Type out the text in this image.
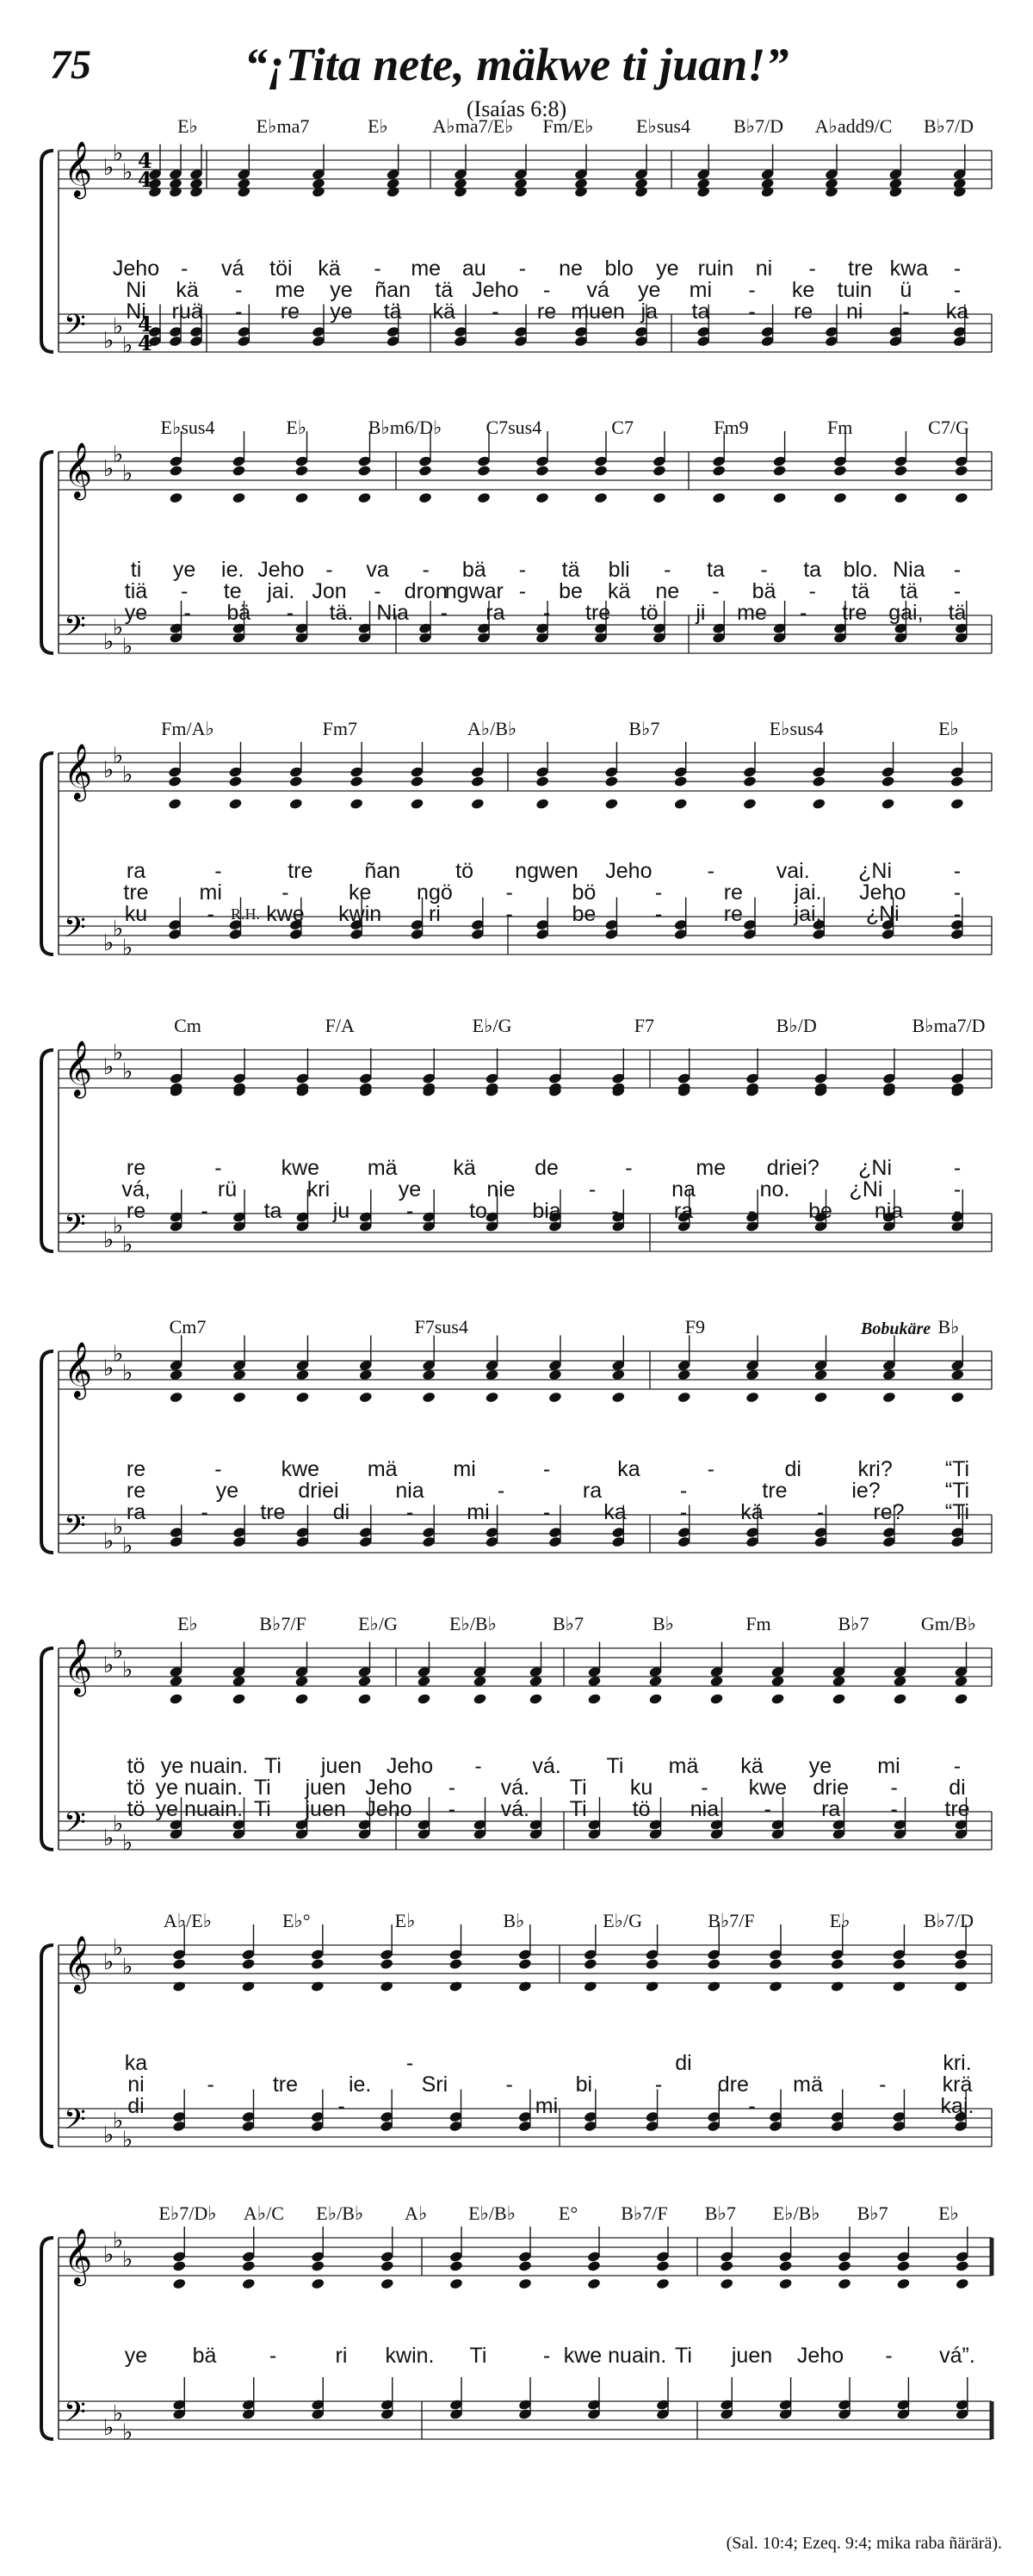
75	“¡Tita nete, mäkwe ti juan!”
(Isaías 6:8)
𝄞 ♭
♭
♭
𝄢 ♭
♭
♭
4
4
4
4
E♭	E♭ma7	E♭ A♭ma7/E♭ Fm/E♭ E♭sus4 B♭7/D A♭add9/C B♭7/D
Jeho - vá töi kä - me au - ne blo ye ruin ni - tre kwa -
Ni kä - me ye ñan tä Jeho - vá ye mi - ke tuin ü -
Ni ruä - re ye tä kä - re muen ja ta - re ni - ka
𝄞 ♭
♭
♭
𝄢 ♭
♭
♭
E♭sus4	E♭	B♭m6/D♭ C7sus4	C7	Fm9	Fm	C7/G
ti ye ie. Jeho - va - bä - tä bli - ta - ta blo. Nia -
tiä - te jai. Jon - dron
ngwar - be kä ne - bä - tä tä -
ye - bä - tä. Nia - ra - tre tö ji me - tre gai, tä
𝄞 ♭
♭
♭
𝄢 ♭
♭
♭
Fm/A♭	Fm7	A♭/B♭	B♭7	E♭sus4	E♭
ra	-	tre ñan	tö ngwen Jeho	-	vai. ¿Ni	-
tre mi	-	ke ngö -	bö	-	re jai. Jeho -
ku	- kwe kwin ri	-	be	-	re jai. ¿Ni	-
R.H.
𝄞 ♭
♭
♭
𝄢 ♭
♭
♭
Cm	F/A	E♭/G	F7	B♭/D	B♭ma7/D
re	-	kwe mä	kä	de	-	me driei? ¿Ni	-
vá,	rü	kri	ye	nie	-	na	no.	¿Ni	-
re	-	ta ju	-	to bia -	ra	- be nia -
𝄞 ♭
♭
♭
𝄢 ♭
♭
♭
Cm7	F7sus4	F9	B♭
re	-	kwe mä	mi	-	ka	-	di	kri? “Ti
re	ye	driei	nia	-	ra	-	tre	ie?	“Ti
ra	- tre di	- mi - ka - kä - re? “Ti
Bobukäre
𝄞 ♭
♭
♭
𝄢 ♭
♭
♭
E♭	B♭7/F	E♭/G	E♭/B♭	B♭7	B♭	Fm	B♭7	Gm/B♭
tö ye nuain. Ti juen Jeho - vá. Ti mä kä ye mi -
tö ye nuain. Ti juen Jeho - vá. Ti ku - kwe drie - di
tö ye nuain. Ti juen Jeho - vá. Ti tö nia - ra - tre
𝄞 ♭
♭
♭
𝄢 ♭
♭
♭
A♭/E♭	E♭°	E♭	B♭	E♭/G	B♭7/F	E♭	B♭7/D
ka	-	di	kri.
ni	-	tre ie. Sri	-	bi	-	dre mä	-	krä
di	-	mi	-	kai.
𝄞 ♭
♭
♭
𝄢 ♭
♭
♭
E♭7/D♭ A♭/C E♭/B♭ A♭ E♭/B♭ E° B♭7/F B♭7 E♭/B♭ B♭7	E♭
ye bä -	ri kwin. Ti	- kwe nuain. Ti juen Jeho - vá”.
(Sal. 10:4; Ezeq. 9:4; mika raba ñärärä).
